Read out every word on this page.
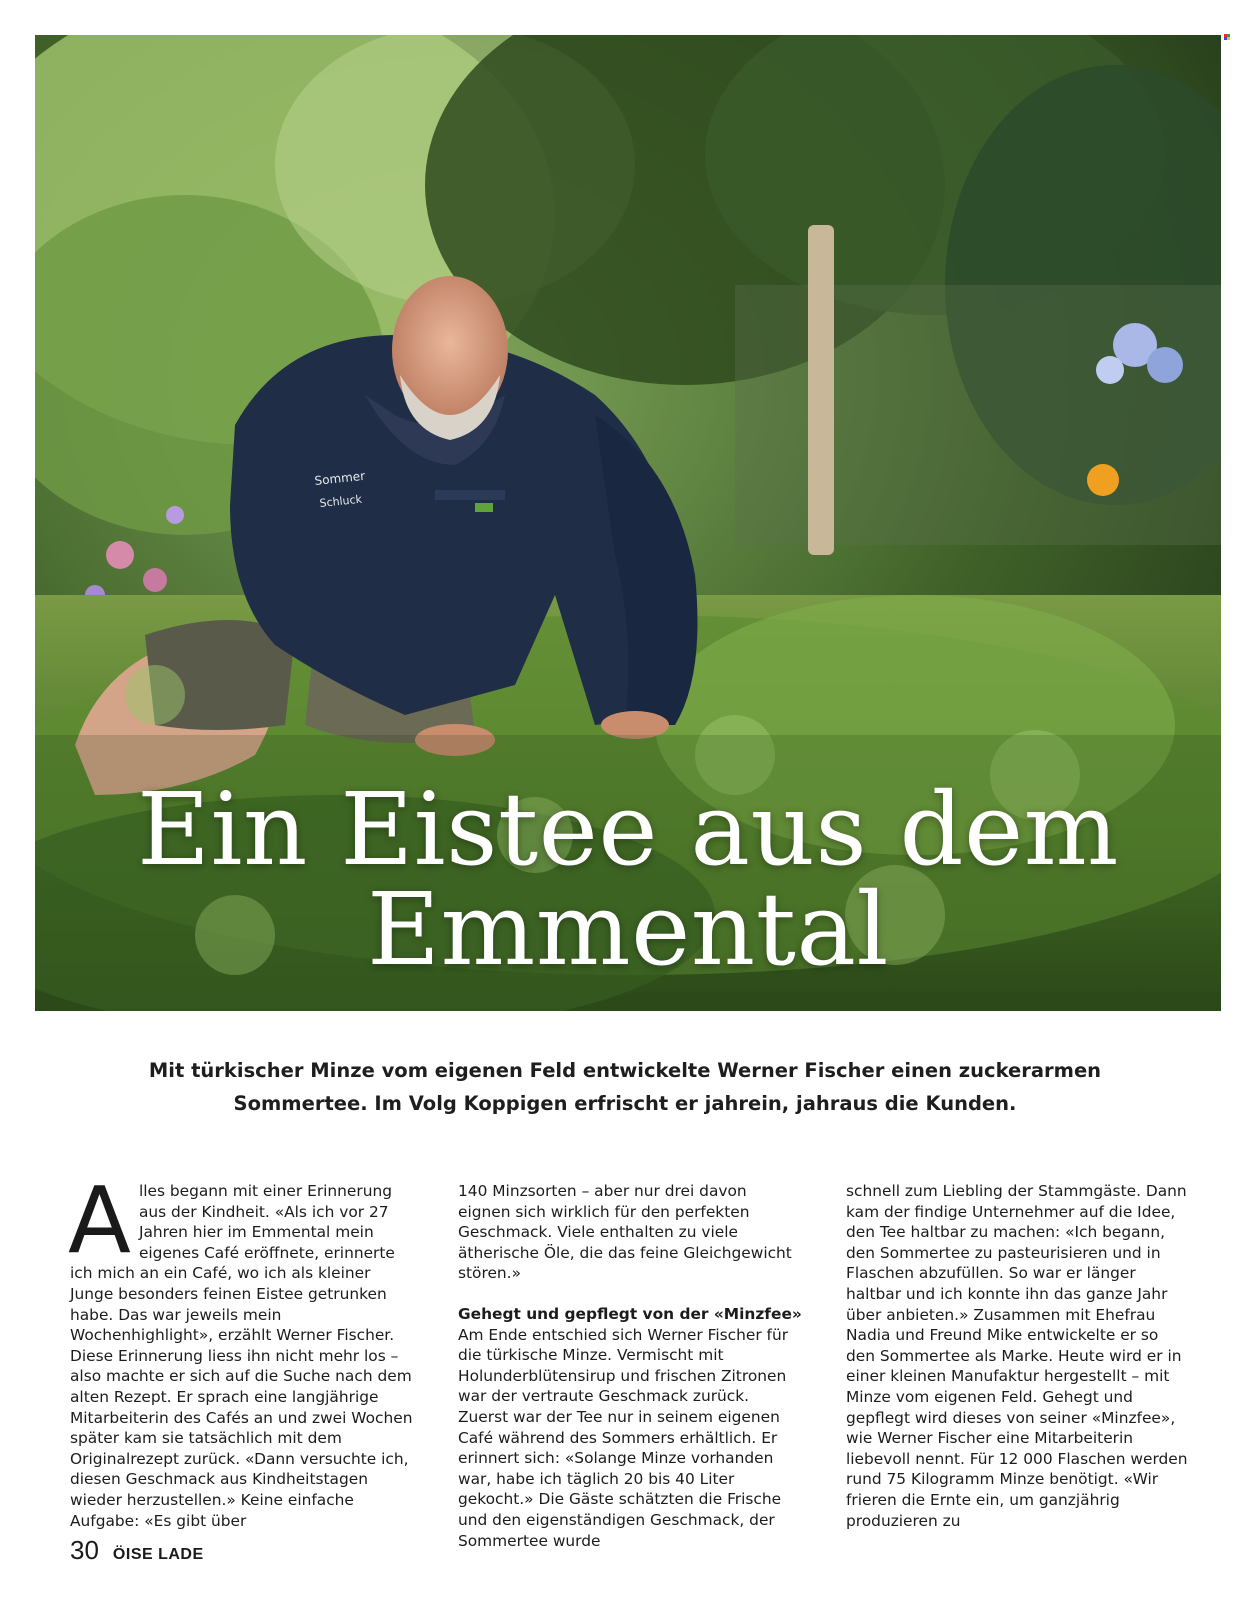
Sommer
Schluck
Ein Eistee aus dem
Emmental

Mit türkischer Minze vom eigenen Feld entwickelte Werner Fischer einen zuckerarmen Sommertee. Im Volg Koppigen erfrischt er jahrein, jahraus die Kunden.

Alles begann mit einer Erinnerung aus der Kindheit. «Als ich vor 27 Jahren hier im Emmental mein eigenes Café eröffnete, erinnerte ich mich an ein Café, wo ich als kleiner Junge besonders feinen Eistee getrunken habe. Das war jeweils mein Wochenhighlight», erzählt Werner Fischer. Diese Erinnerung liess ihn nicht mehr los – also machte er sich auf die Suche nach dem alten Rezept. Er sprach eine langjährige Mitarbeiterin des Cafés an und zwei Wochen später kam sie tatsächlich mit dem Originalrezept zurück. «Dann versuchte ich, diesen Geschmack aus Kindheitstagen wieder herzustellen.» Keine einfache Aufgabe: «Es gibt über

140 Minzsorten – aber nur drei davon eignen sich wirklich für den perfekten Geschmack. Viele enthalten zu viele ätherische Öle, die das feine Gleichgewicht stören.»

Gehegt und gepflegt von der «Minzfee»

Am Ende entschied sich Werner Fischer für die türkische Minze. Vermischt mit Holunderblütensirup und frischen Zitronen war der vertraute Geschmack zurück. Zuerst war der Tee nur in seinem eigenen Café während des Sommers erhältlich. Er erinnert sich: «Solange Minze vorhanden war, habe ich täglich 20 bis 40 Liter gekocht.» Die Gäste schätzten die Frische und den eigenständigen Geschmack, der Sommertee wurde

schnell zum Liebling der Stammgäste. Dann kam der findige Unternehmer auf die Idee, den Tee haltbar zu machen: «Ich begann, den Sommertee zu pasteurisieren und in Flaschen abzufüllen. So war er länger haltbar und ich konnte ihn das ganze Jahr über anbieten.» Zusammen mit Ehefrau Nadia und Freund Mike entwickelte er so den Sommertee als Marke. Heute wird er in einer kleinen Manufaktur hergestellt – mit Minze vom eigenen Feld. Gehegt und gepflegt wird dieses von seiner «Minzfee», wie Werner Fischer eine Mitarbeiterin liebevoll nennt. Für 12 000 Flaschen werden rund 75 Kilogramm Minze benötigt. «Wir frieren die Ernte ein, um ganzjährig produzieren zu

30 ÖISE LADE
